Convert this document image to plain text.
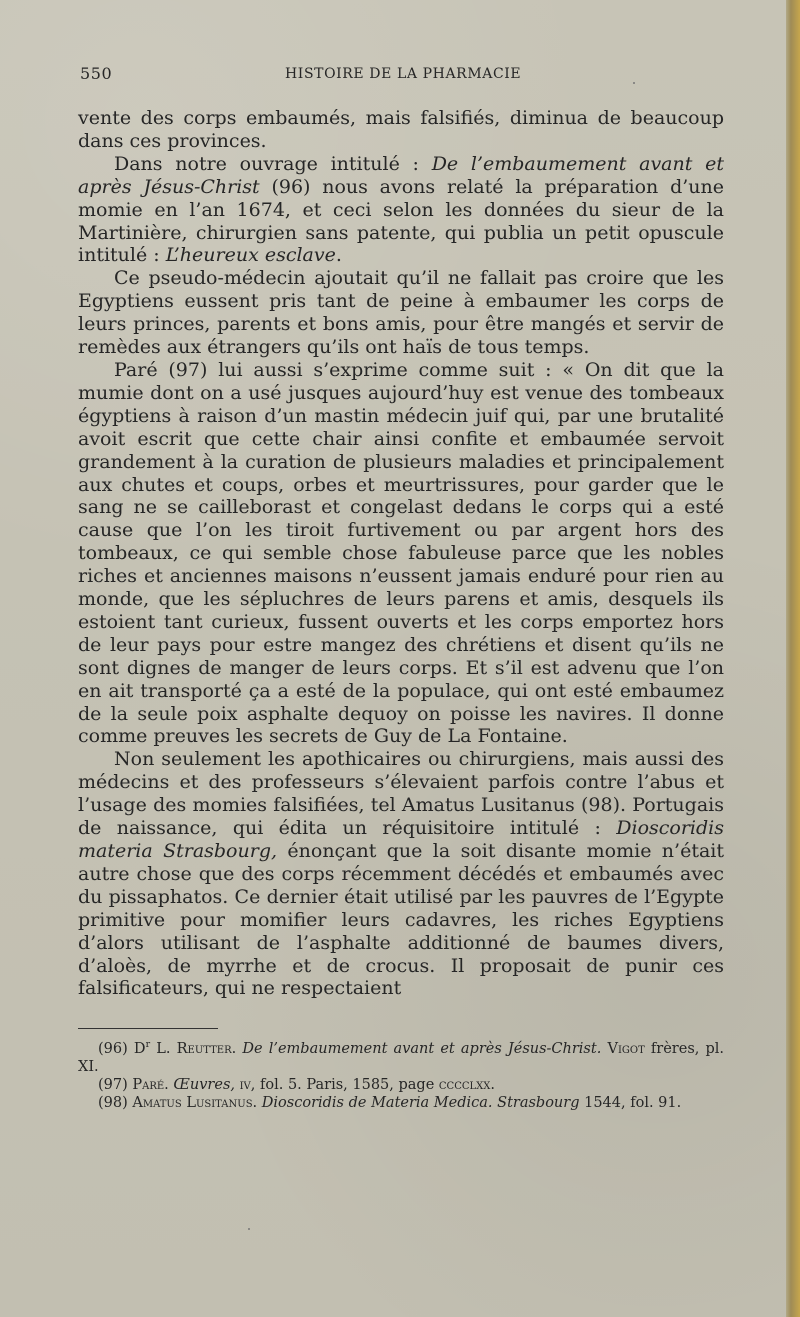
550	HISTOIRE DE LA PHARMACIE

vente des corps embaumés, mais falsifiés, diminua de beaucoup dans ces provinces.

Dans notre ouvrage intitulé : De l’embaumement avant et après Jésus-Christ (96) nous avons relaté la préparation d’une momie en l’an 1674, et ceci selon les données du sieur de la Martinière, chirurgien sans patente, qui publia un petit opuscule intitulé : L’heureux esclave.

Ce pseudo-médecin ajoutait qu’il ne fallait pas croire que les Egyptiens eussent pris tant de peine à embaumer les corps de leurs princes, parents et bons amis, pour être mangés et servir de remèdes aux étrangers qu’ils ont haïs de tous temps.

Paré (97) lui aussi s’exprime comme suit : « On dit que la mumie dont on a usé jusques aujourd’huy est venue des tombeaux égyptiens à raison d’un mastin médecin juif qui, par une brutalité avoit escrit que cette chair ainsi confite et embaumée servoit grandement à la curation de plusieurs maladies et principalement aux chutes et coups, orbes et meurtrissures, pour garder que le sang ne se cailleborast et congelast dedans le corps qui a esté cause que l’on les tiroit furtivement ou par argent hors des tombeaux, ce qui semble chose fabuleuse parce que les nobles riches et anciennes maisons n’eussent jamais enduré pour rien au monde, que les sépluchres de leurs parens et amis, desquels ils estoient tant curieux, fussent ouverts et les corps emportez hors de leur pays pour estre mangez des chrétiens et disent qu’ils ne sont dignes de manger de leurs corps. Et s’il est advenu que l’on en ait transporté ça a esté de la populace, qui ont esté embaumez de la seule poix asphalte dequoy on poisse les navires. Il donne comme preuves les secrets de Guy de La Fontaine.

Non seulement les apothicaires ou chirurgiens, mais aussi des médecins et des professeurs s’élevaient parfois contre l’abus et l’usage des momies falsifiées, tel Amatus Lusitanus (98). Portugais de naissance, qui édita un réquisitoire intitulé : Dioscoridis materia Strasbourg, énonçant que la soit disante momie n’était autre chose que des corps récemment décédés et embaumés avec du pissaphatos. Ce dernier était utilisé par les pauvres de l’Egypte primitive pour momifier leurs cadavres, les riches Egyptiens d’alors utilisant de l’asphalte additionné de baumes divers, d’aloès, de myrrhe et de crocus. Il proposait de punir ces falsificateurs, qui ne respectaient

(96) $D^r$ L. Reutter. De l’embaumement avant et après Jésus-Christ. Vigot frères, pl. XI.

(97) Paré. Œuvres, iv, fol. 5. Paris, 1585, page cccclxx.

(98) Amatus Lusitanus. Dioscoridis de Materia Medica. Strasbourg 1544, fol. 91.
